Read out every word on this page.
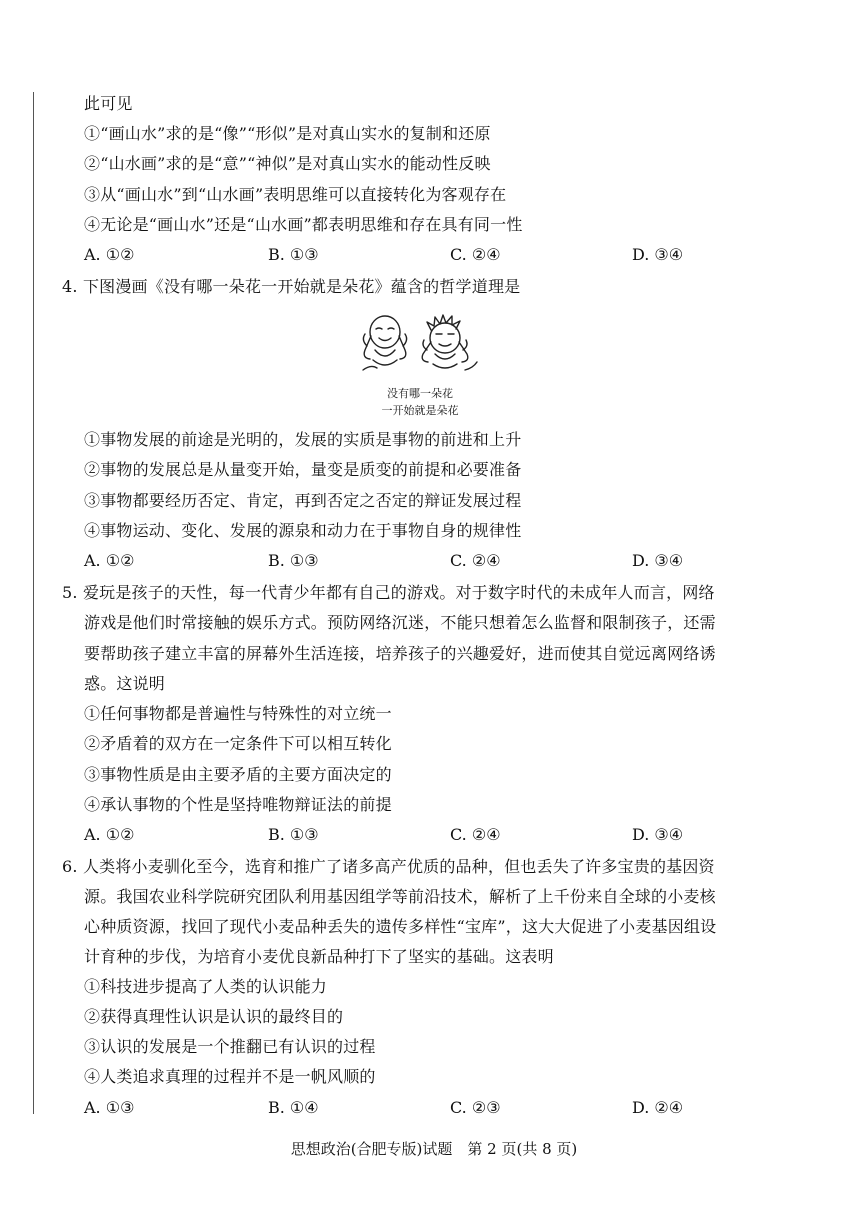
此可见
①“画山水”求的是“像”“形似”是对真山实水的复制和还原
②“山水画”求的是“意”“神似”是对真山实水的能动性反映
③从“画山水”到“山水画”表明思维可以直接转化为客观存在
④无论是“画山水”还是“山水画”都表明思维和存在具有同一性
A. ①②	B. ①③	C. ②④	D. ③④
4. 下图漫画《没有哪一朵花一开始就是朵花》蕴含的哲学道理是
没有哪一朵花
一开始就是朵花
①事物发展的前途是光明的，发展的实质是事物的前进和上升
②事物的发展总是从量变开始，量变是质变的前提和必要准备
③事物都要经历否定、肯定，再到否定之否定的辩证发展过程
④事物运动、变化、发展的源泉和动力在于事物自身的规律性
A. ①②	B. ①③	C. ②④	D. ③④
5. 爱玩是孩子的天性，每一代青少年都有自己的游戏。对于数字时代的未成年人而言，网络
游戏是他们时常接触的娱乐方式。预防网络沉迷，不能只想着怎么监督和限制孩子，还需
要帮助孩子建立丰富的屏幕外生活连接，培养孩子的兴趣爱好，进而使其自觉远离网络诱
惑。这说明
①任何事物都是普遍性与特殊性的对立统一
②矛盾着的双方在一定条件下可以相互转化
③事物性质是由主要矛盾的主要方面决定的
④承认事物的个性是坚持唯物辩证法的前提
A. ①②	B. ①③	C. ②④	D. ③④
6. 人类将小麦驯化至今，选育和推广了诸多高产优质的品种，但也丢失了许多宝贵的基因资
源。我国农业科学院研究团队利用基因组学等前沿技术，解析了上千份来自全球的小麦核
心种质资源，找回了现代小麦品种丢失的遗传多样性“宝库”，这大大促进了小麦基因组设
计育种的步伐，为培育小麦优良新品种打下了坚实的基础。这表明
①科技进步提高了人类的认识能力
②获得真理性认识是认识的最终目的
③认识的发展是一个推翻已有认识的过程
④人类追求真理的过程并不是一帆风顺的
A. ①③	B. ①④	C. ②③	D. ②④
思想政治(合肥专版)试题　第 2 页(共 8 页)
